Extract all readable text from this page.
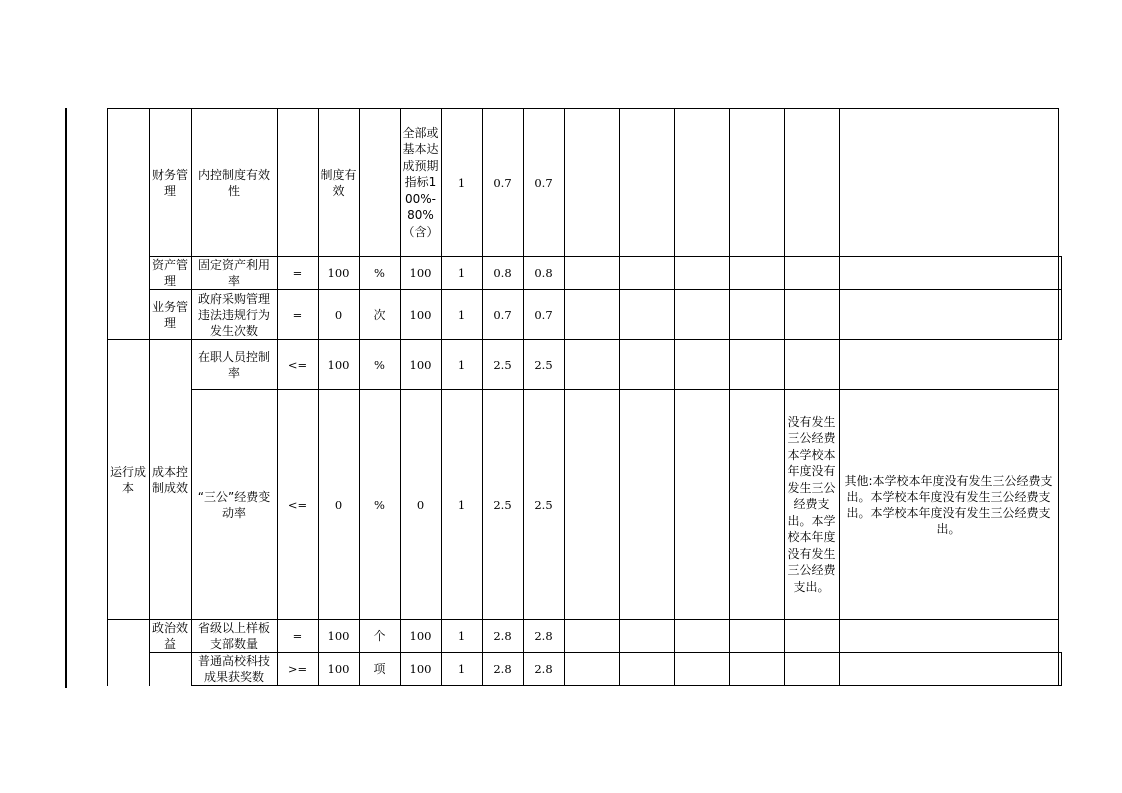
		财务管理	内控制度有效性		制度有效		全部或基本达成预期指标100%-80%（含）	1	0.7	0.7							
		资产管理	固定资产利用率	=	100	%	100	1	0.8	0.8							
		业务管理	政府采购管理违法违规行为发生次数	=	0	次	100	1	0.7	0.7							
	运行成本	成本控制成效	在职人员控制率	<=	100	%	100	1	2.5	2.5							
			“三公”经费变动率	<=	0	%	0	1	2.5	2.5					没有发生三公经费本学校本年度没有发生三公经费支出。本学校本年度没有发生三公经费支出。	其他:本学校本年度没有发生三公经费支出。本学校本年度没有发生三公经费支出。本学校本年度没有发生三公经费支出。	
		政治效益	省级以上样板支部数量	=	100	个	100	1	2.8	2.8							
			普通高校科技成果获奖数	>=	100	项	100	1	2.8	2.8							
